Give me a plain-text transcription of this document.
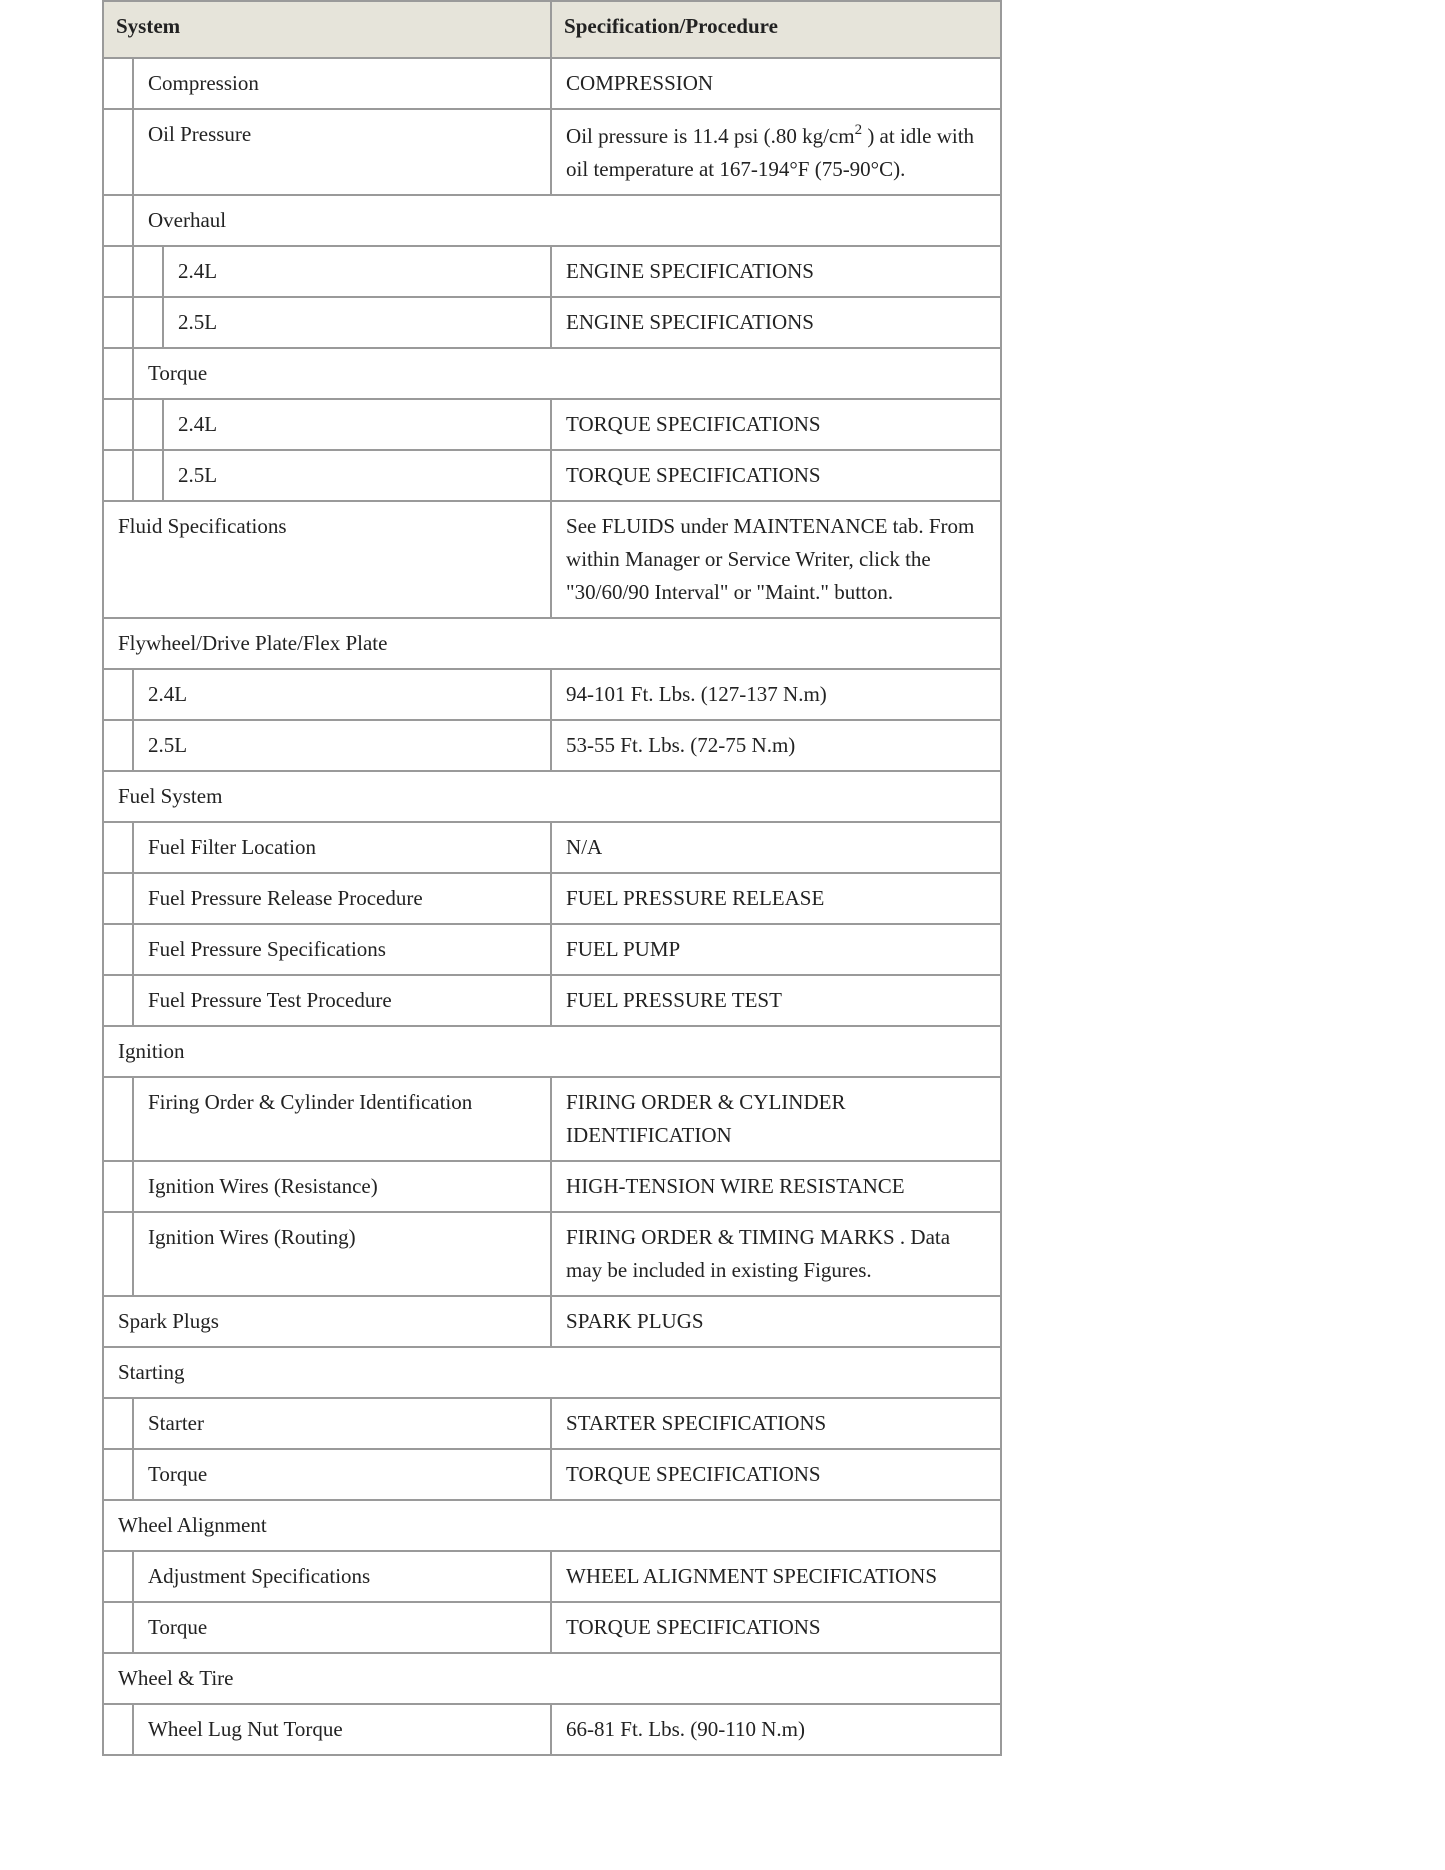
System			Specification/Procedure

	Compression		COMPRESSION

	Oil Pressure		Oil pressure is 11.4 psi (.80 $kg/cm^2$ ) at idle with oil temperature at 167-194°F (75-90°C).

	Overhaul		

		2.4L	ENGINE SPECIFICATIONS

		2.5L	ENGINE SPECIFICATIONS

	Torque		

		2.4L	TORQUE SPECIFICATIONS

		2.5L	TORQUE SPECIFICATIONS

Fluid Specifications			See FLUIDS under MAINTENANCE tab. From within Manager or Service Writer, click the "30/60/90 Interval" or "Maint." button.

Flywheel/Drive Plate/Flex Plate			

	2.4L		94-101 Ft. Lbs. (127-137 N.m)

	2.5L		53-55 Ft. Lbs. (72-75 N.m)

Fuel System			

	Fuel Filter Location		N/A

	Fuel Pressure Release Procedure		FUEL PRESSURE RELEASE

	Fuel Pressure Specifications		FUEL PUMP

	Fuel Pressure Test Procedure		FUEL PRESSURE TEST

Ignition			

	Firing Order & Cylinder Identification		FIRING ORDER & CYLINDER IDENTIFICATION

	Ignition Wires (Resistance)		HIGH-TENSION WIRE RESISTANCE

	Ignition Wires (Routing)		FIRING ORDER & TIMING MARKS . Data may be included in existing Figures.

Spark Plugs			SPARK PLUGS

Starting			

	Starter		STARTER SPECIFICATIONS

	Torque		TORQUE SPECIFICATIONS

Wheel Alignment			

	Adjustment Specifications		WHEEL ALIGNMENT SPECIFICATIONS

	Torque		TORQUE SPECIFICATIONS

Wheel & Tire			

	Wheel Lug Nut Torque		66-81 Ft. Lbs. (90-110 N.m)
